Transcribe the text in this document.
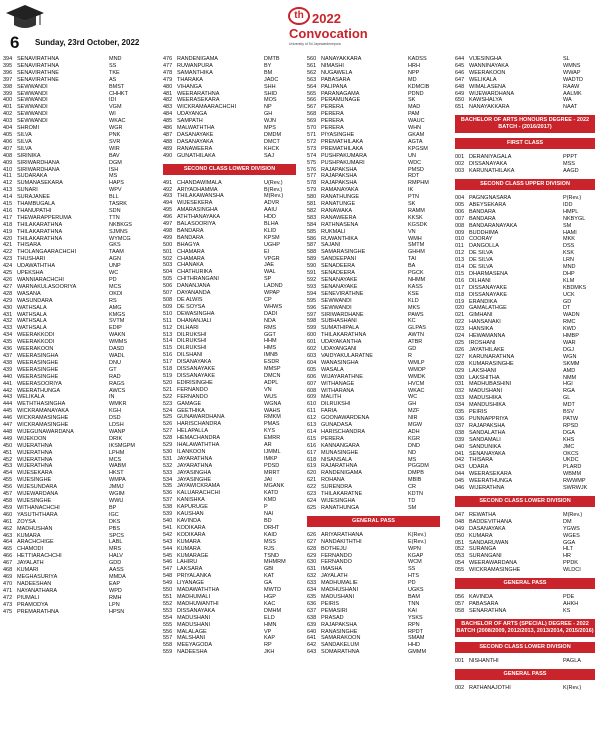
6 Sunday, 23rd October, 2022
th 2022
Convocation
University of Sri Jayewardenepura
394 SENAVIRATHNA	MND
395 SENAVIRATHNA	SS
396 SENAVIRATHNE	TKE
397 SENAVIRATHNE	AS
398 SEWWANDI	BMST
399 SEWWANDI	CHHKT
400 SEWWANDI	IDI
401 SEWWANDI	VGM
402 SEWWANDI	WI
403 SEWWANDI	WKAC
404 SHROMI	WGR
405 SILVA	PNK
406 SILVA	SVR
407 SILVA	WIR
408 SIRINIKA	BAV
409 SIRIWARDHANA	DGM
410 SIRIWARDHANA	ISH
411 SUDARAKA	MS
412 SUMANASEKARA	HAPS
413 SUNARI	WPV
414 SURAJANEE	BLL
415 THAMBUGALA	TASRK
416 THANUPATHI	SDN
417 THEWARAPPERUMA	TTN
418 THILAKARATHNA	NKBKGS
419 THILAKARATHNA	SJMNS
420 THILAKARATHNA	WYMCG
421 THISARA	GKS
422 THOLANGAARACHCHI	TAAM
423 THUSHARI	AGN
424 UDAWATHTHA	UNP
425 UPEKSHA	WC
426 WANNIARACHCHI	PD
427 WARNAKULASOORIYA	MCS
428 WASANA	OKDI
429 WASUNDARA	RS
430 WATHSALA	AMG
431 WATHSALA	KMGS
432 WATHSALA	SVTM
433 WATHSALA	EDIP
434 WEERAKKODI	WAKN
435 WEERAKKODI	WMMS
436 WEERAKOON	DASD
437 WEERASINGHA	WADL
438 WEERASINGHE	DNU
439 WEERASINGHE	GT
440 WEERASINGHE	RAD
441 WEERASOORIYA	RAGS
442 WEERATHUNGA	AWCS
443 WELIKALA	IN
444 WETHTHASINGHA	WMKR
445 WICKRAMANAYAKA	KGH
446 WICKRAMASINGHE	DSD
447 WICKRAMASINGHE	LDSH
448 WIJEGUNAWARDANA	WANP
449 WIJEKOON	DRIK
450 WIJERATHNA	IKSMGPM
451 WIJERATHNA	LPHM
452 WIJERATHNA	MCS
453 WIJERATHNA	WABM
454 WIJESEKARA	HKST
455 WIJESINGHE	WMPA
456 WIJESUNDARA	JMMJ
457 WIJEWARDANA	WGIM
458 WIJESINGHE	WWU
459 WITHANACHCHI	BP
460 YASUTHTHARA	IGC
461 ZOYSA	DKS
462 MADHUSHAN	PBS
463 KUMARA	SPCS
464 ARACHCHIGE	LABL
465 CHAMODI	MRS
466 HETTIARACHCHI	HALV
467 JAYALATH	GDD
468 KUMARI	AASS
469 MEGHASURIYA	MMDA
470 NADEESHAN	EAP
471 NAYANATHARA	WPD
472 PIUMALI	RMH
473 PRAMODYA	LPN
475 PREMARATHNA	HPSN
476 RANDENIGAMA	DMTB
477 RUWANPURA	BY
478 SAMANTHIKA	BM
479 THARAKA	JADC
480 VIHANGA	SHH
481 WEERARATHNA	SHID
482 WEERASEKARA	MOS
483 WICKRAMAARACHCHI	NP
484 UDAYANGA	GH
485 SAMPATH	WJN
486 MALWATHTHA	MPS
487 DASANAYAKE	DMDM
488 DASANAYAKA	DMCT
489 RANAWEERA	KHCK
490 GUNATHILAKA	SAJ
SECOND CLASS LOWER DIVISION
491 CHANDAWIMALA	U(Rev.)
492 ARIYADHAMMA	B(Rev.)
493 THILAKAWANSHA	M(Rev.)
494 WIJESEKERA	ADVR
495 AMARASINGHA	AAIU
496 ATHTHANAYAKA	HDD
497 BALASOORIYA	BLHA
498 BANDARA	KLID
499 BANDARA	KPSM
500 BHAGYA	UGHP
501 CHAMARA	EI
502 CHAMARA	VPGR
503 CHANAKA	JAE
504 CHATHURIKA	WAL
505 CHITHRANGANI	SP
506 DANANJANA	LADND
507 DAYANANDA	WPAP
508 DE ALWIS	CP
509 DE SOYSA	WHWS
510 DEWASINGHA	DADI
511 DHANANJALI	NDA
512 DILHARI	RMS
513 DILRUKSHI	GGT
514 DILRUKSHI	HHM
515 DILRUKSHI	HMS
516 DILSHANI	IMNB
517 DISANAYAKA	ESDR
518 DISSANAYAKE	MMSP
519 DISSANAYAKE	DMCN
520 EDIRISINGHE	ADPL
521 FERNANDO	VN
522 FERNANDO	WUS
523 GAMAGE	WGNA
524 GEETHIKA	WAHS
525 GUNAWARDHANA	RMKM
526 HARISCHANDRA	PMAS
527 HELAPALLA	KYS
528 HEMACHANDRA	EMRR
529 IHALAWATHTHA	AR
530 ILANKOON	IJMML
531 JAYARATHNA	IMKP
532 JAYARATHNA	PDSD
533 JAYASINGHA	MRRT
534 JAYASINGHE	JAI
535 JAYAWICKRAMA	MGANK
536 KALUARACHCHI	KATD
537 KANISHKA	KMD
538 KAPURUGE	P
539 KAUSHAN	NAI
540 KAVINDA	BD
541 KODIKARA	DRHT
542 KODIKARA	KAID
543 KUMARA	MSS
544 KUMARA	RJS
545 KUMARAGE	TSND
546 LAHIRU	MHMRM
547 LAKSARA	GBI
548 PRIYALANKA	KAT
549 LIYANAGE	GA
550 MADAWATHTHA	MWTD
551 MADHUMALI	HGP
552 MADHUWANTHI	KAC
553 DISSANAYAKA	DMHM
554 MADUSHANI	ELD
555 MADUSHANI	HMN
556 MALALAGE	VP
557 MALSHANI	KAP
558 MEEYAGODA	RP
559 NADEESHA	JKH
560 NANAYAKKARA	KADSS
561 NIMASHI	HRH
562 NUGAWELA	NPP
563 PABASARA	MD
564 PALIPANA	KDMCIB
565 PARANAGAMA	PDND
566 PERAMUNAGE	SK
567 PERERA	MAD
568 PERERA	PAM
569 PERERA	WAUC
570 PERERA	WHN
571 PIYASINGHE	GKAM
572 PREMATHILAKA	AGTA
573 PREMATHILAKA	KPGSM
574 PUSHPAKUMARA	UN
575 PUSHPAKUMARI	WDC
576 RAJAPAKSHA	PMSD
577 RAJAPAKSHA	RDT
578 RAJAPAKSHA	RMPHM
579 RAMANAYAKA	IK
580 RANATHUNGE	PTN
581 RANATUNGE	SK
582 RANAWAKA	RAMM
583 RANAWEERA	KKSK
584 RATHNASENA	KGSDK
585 RUKMALI	VN
586 RUWANTHIKA	WMH
587 SAJANI	SMTM
588 SAMARASINGHE	GHHM
589 SANDEEPANI	TAI
590 SENADEERA	BA
591 SENADEERA	PGCK
592 SENANAYAKE	NHMM
593 SENANAYAKE	KASS
594 SENEVIRATHNE	KSE
595 SEWWANDI	KLD
596 SEWWANDI	MKS
597 SIRIWARDHANE	PAWS
598 SUBHASHANI	KC
599 SUMATHIPALA	GLPAS
600 THILAKARATHNA	AWTN
601 UDAYAKANTHA	ATBR
602 UDAYANGANI	GD
603 VAIDYAKULARATNE	R
604 WANASINGHA	WMLP
605 WASALA	WMOP
606 WIJAYARATHNE	WMDK
607 WITHANAGE	HVCM
608 WITHARANA	WKAC
609 MALITH	WC
610 DILRUKSHI	GH
611 FARIA	MZF
612 GOONAWARDENA	NIR
613 GUNADASA	MGW
614 HARISCHANDRA	ADH
615 PERERA	KGR
616 KANNANGARA	DND
617 MUNASINGHE	ND
618 NISANSALA	MS
619 RAJARATHNA	PGGDM
620 RANDENIGAMA	DMPB
621 ROHANA	MBIB
622 SURENDRA	CR
623 THILAKARATNE	KDTN
624 WIJESINGHA	TD
625 RANATHUNGA	SM
GENERAL PASS
626 ARIYARATHANA	K(Rev.)
627 NANDAKITHTHI	E(Rev.)
628 BOTHEJU	WPN
629 FERNANDO	KGAP
630 FERNANDO	WCM
631 IMASHA	SS
632 JAYALATH	HTS
633 MADHUMALIE	PD
634 MADHUSHANI	UGKS
635 MADUSHANI	BAM
636 PEIRIS	TNN
637 PEMASIRI	KAI
638 PRASAD	YSKS
639 RAJAPAKSHA	RPN
640 RANASINGHE	RPDT
641 SAMARAKOON	SMAM
642 SANDAKELUM	HHD
643 SOMARATHNA	GMMM
644 VIJESINGHA	SL
645 WANNINAYAKA	WMNS
646 WEERAKOON	WWAP
647 WELIKALA	WADTD
648 WIMALASENA	RAAW
649 WIJEWARDHANA	AALMK
650 KAWSHALYA	WA
651 NANAYAKKARA	NAAT
BACHELOR OF ARTS HONOURS DEGREE - 2022 BATCH - (2016/2017)
FIRST CLASS
001 DERANIYAGALA	PPPT
002 DISSANAYAKA	MSS
003 KARUNATHILAKA	AAGD
SECOND CLASS UPPER DIVISION
004 PAGNGNASARA	P(Rev.)
005 ABEYSEKARA	IDD
006 BANDARA	HMPL
007 BANDARA	NKBYGL
008 BANDARANAYAKA	SM
009 BUDDHIMA	HAMI
010 COORAY	MKK
011 DANGOLLA	DSS
012 DE SILVA	KSK
013 DE SILVA	LRN
014 DE SILVA	MND
015 DHARMASENA	DHP
016 DILHANI	KLM
017 DISSANAYAKE	KBDMKS
018 DISSANAYAKE	UCK
019 ERANDIKA	GD
020 GAMALATHGE	DT
021 GIMHANI	WADN
022 HANSANAKI	RMC
023 HANSIKA	KWD
024 HEWAMANNA	HMBP
025 IROSHANI	WAR
026 JAYATHILAKE	DGJ
027 KARUNARATHNA	WGN
028 KUMARASINGHE	SKMM
029 LAKSHANI	AMD
030 LAKSHITHA	NMM
031 MADHUBASHINI	HGI
032 MADUSHANI	RGA
033 MADUSHIKA	GL
034 MANDUSHIKA	MDT
035 PEIRIS	BSV
036 PUNNAPPRIYA	PATW
037 RAJAPAKSHA	RPSD
038 SANDALATHA	DGA
039 SANDAMALI	KHS
040 SANDUNIKA	JMC
041 SENANAYAKA	OKCS
042 THISARA	UKDC
043 UDARA	PLARD
044 WEERASEKARA	WBMM
045 WEERATHUNGA	RWWMP
046 WIJERATHNA	SWRWJK
SECOND CLASS LOWER DIVISION
047 REWATHA	M(Rev.)
048 BADDEVITHANA	DM
049 DASANAYAKA	YGWS
050 KUMARA	WGES
051 SANDARUWAN	GGA
052 SURANGA	HLT
053 SURANGANI	HR
054 WEERAWARDANA	PPDK
055 WICKRAMASINGHE	WLDCI
GENERAL PASS
056 KAVINDA	PDE
057 PABASARA	AHKH
058 SENARATHNA	KS
BACHELOR OF ARTS (SPECIAL) DEGREE - 2022 BATCH (2008/2009, 2012/2013, 2013/2014, 2015/2016)
SECOND CLASS LOWER DIVISION
001 NISHANTHI	PAGLA
GENERAL PASS
002 RATHANAJOTHI	K(Rev.)
